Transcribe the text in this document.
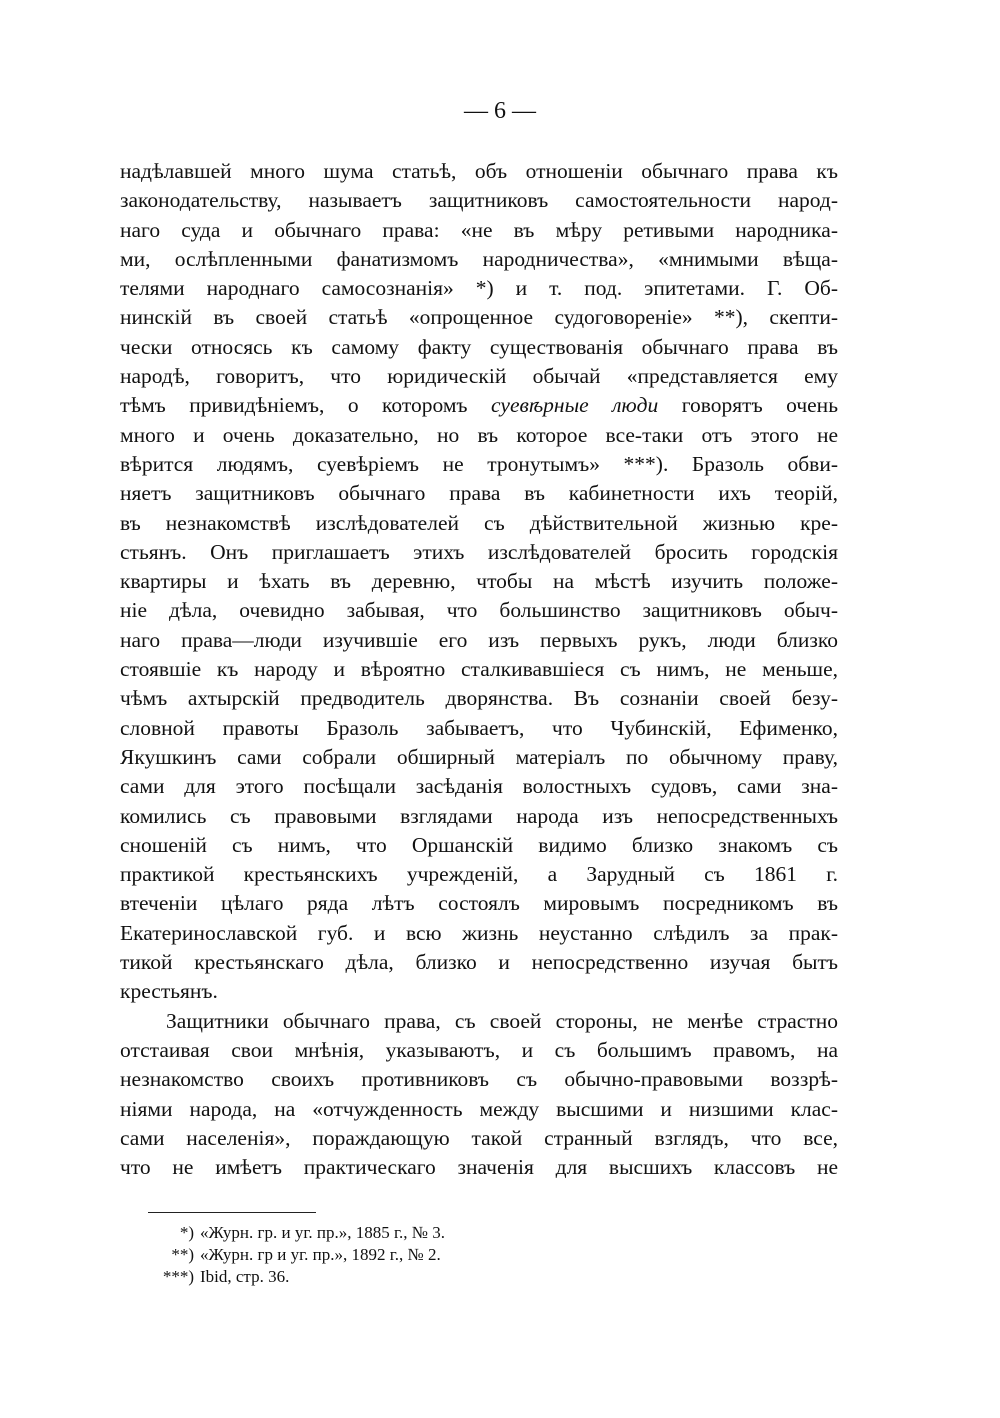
— 6 —
надѣлавшей много шума статьѣ, объ отношеніи обычнаго права къ
законодательству, называетъ защитниковъ самостоятельности народ-
наго суда и обычнаго права: «не въ мѣру ретивыми народника-
ми, ослѣпленными фанатизмомъ народничества», «мнимыми вѣща-
телями народнаго самосознанія» *) и т. под. эпитетами. Г. Об-
нинскій въ своей статьѣ «опрощенное судоговореніе» **), скепти-
чески относясь къ самому факту существованія обычнаго права въ
народѣ, говоритъ, что юридическій обычай «представляется ему
тѣмъ привидѣніемъ, о которомъ суевѣрные люди говорятъ очень
много и очень доказательно, но въ которое все-таки отъ этого не
вѣрится людямъ, суевѣріемъ не тронутымъ» ***). Бразоль обви-
няетъ защитниковъ обычнаго права въ кабинетности ихъ теорій,
въ незнакомствѣ изслѣдователей съ дѣйствительной жизнью кре-
стьянъ. Онъ приглашаетъ этихъ изслѣдователей бросить городскія
квартиры и ѣхать въ деревню, чтобы на мѣстѣ изучить положе-
ніе дѣла, очевидно забывая, что большинство защитниковъ обыч-
наго права—люди изучившіе его изъ первыхъ рукъ, люди близко
стоявшіе къ народу и вѣроятно сталкивавшіеся съ нимъ, не меньше,
чѣмъ ахтырскій предводитель дворянства. Въ сознаніи своей безу-
словной правоты Бразоль забываетъ, что Чубинскій, Ефименко,
Якушкинъ сами собрали обширный матеріалъ по обычному праву,
сами для этого посѣщали засѣданія волостныхъ судовъ, сами зна-
комились съ правовыми взглядами народа изъ непосредственныхъ
сношеній съ нимъ, что Оршанскій видимо близко знакомъ съ
практикой крестьянскихъ учрежденій, а Зарудный съ 1861 г.
втеченіи цѣлаго ряда лѣтъ состоялъ мировымъ посредникомъ въ
Екатеринославской губ. и всю жизнь неустанно слѣдилъ за прак-
тикой крестьянскаго дѣла, близко и непосредственно изучая бытъ
крестьянъ.
Защитники обычнаго права, съ своей стороны, не менѣе страстно
отстаивая свои мнѣнія, указываютъ, и съ большимъ правомъ, на
незнакомство своихъ противниковъ съ обычно-правовыми воззрѣ-
ніями народа, на «отчужденность между высшими и низшими клас-
сами населенія», пораждающую такой странный взглядъ, что все,
что не имѣетъ практическаго значенія для высшихъ классовъ не
*) «Журн. гр. и уг. пр.», 1885 г., № 3.
**) «Журн. гр и уг. пр.», 1892 г., № 2.
***) Ibid, стр. 36.
